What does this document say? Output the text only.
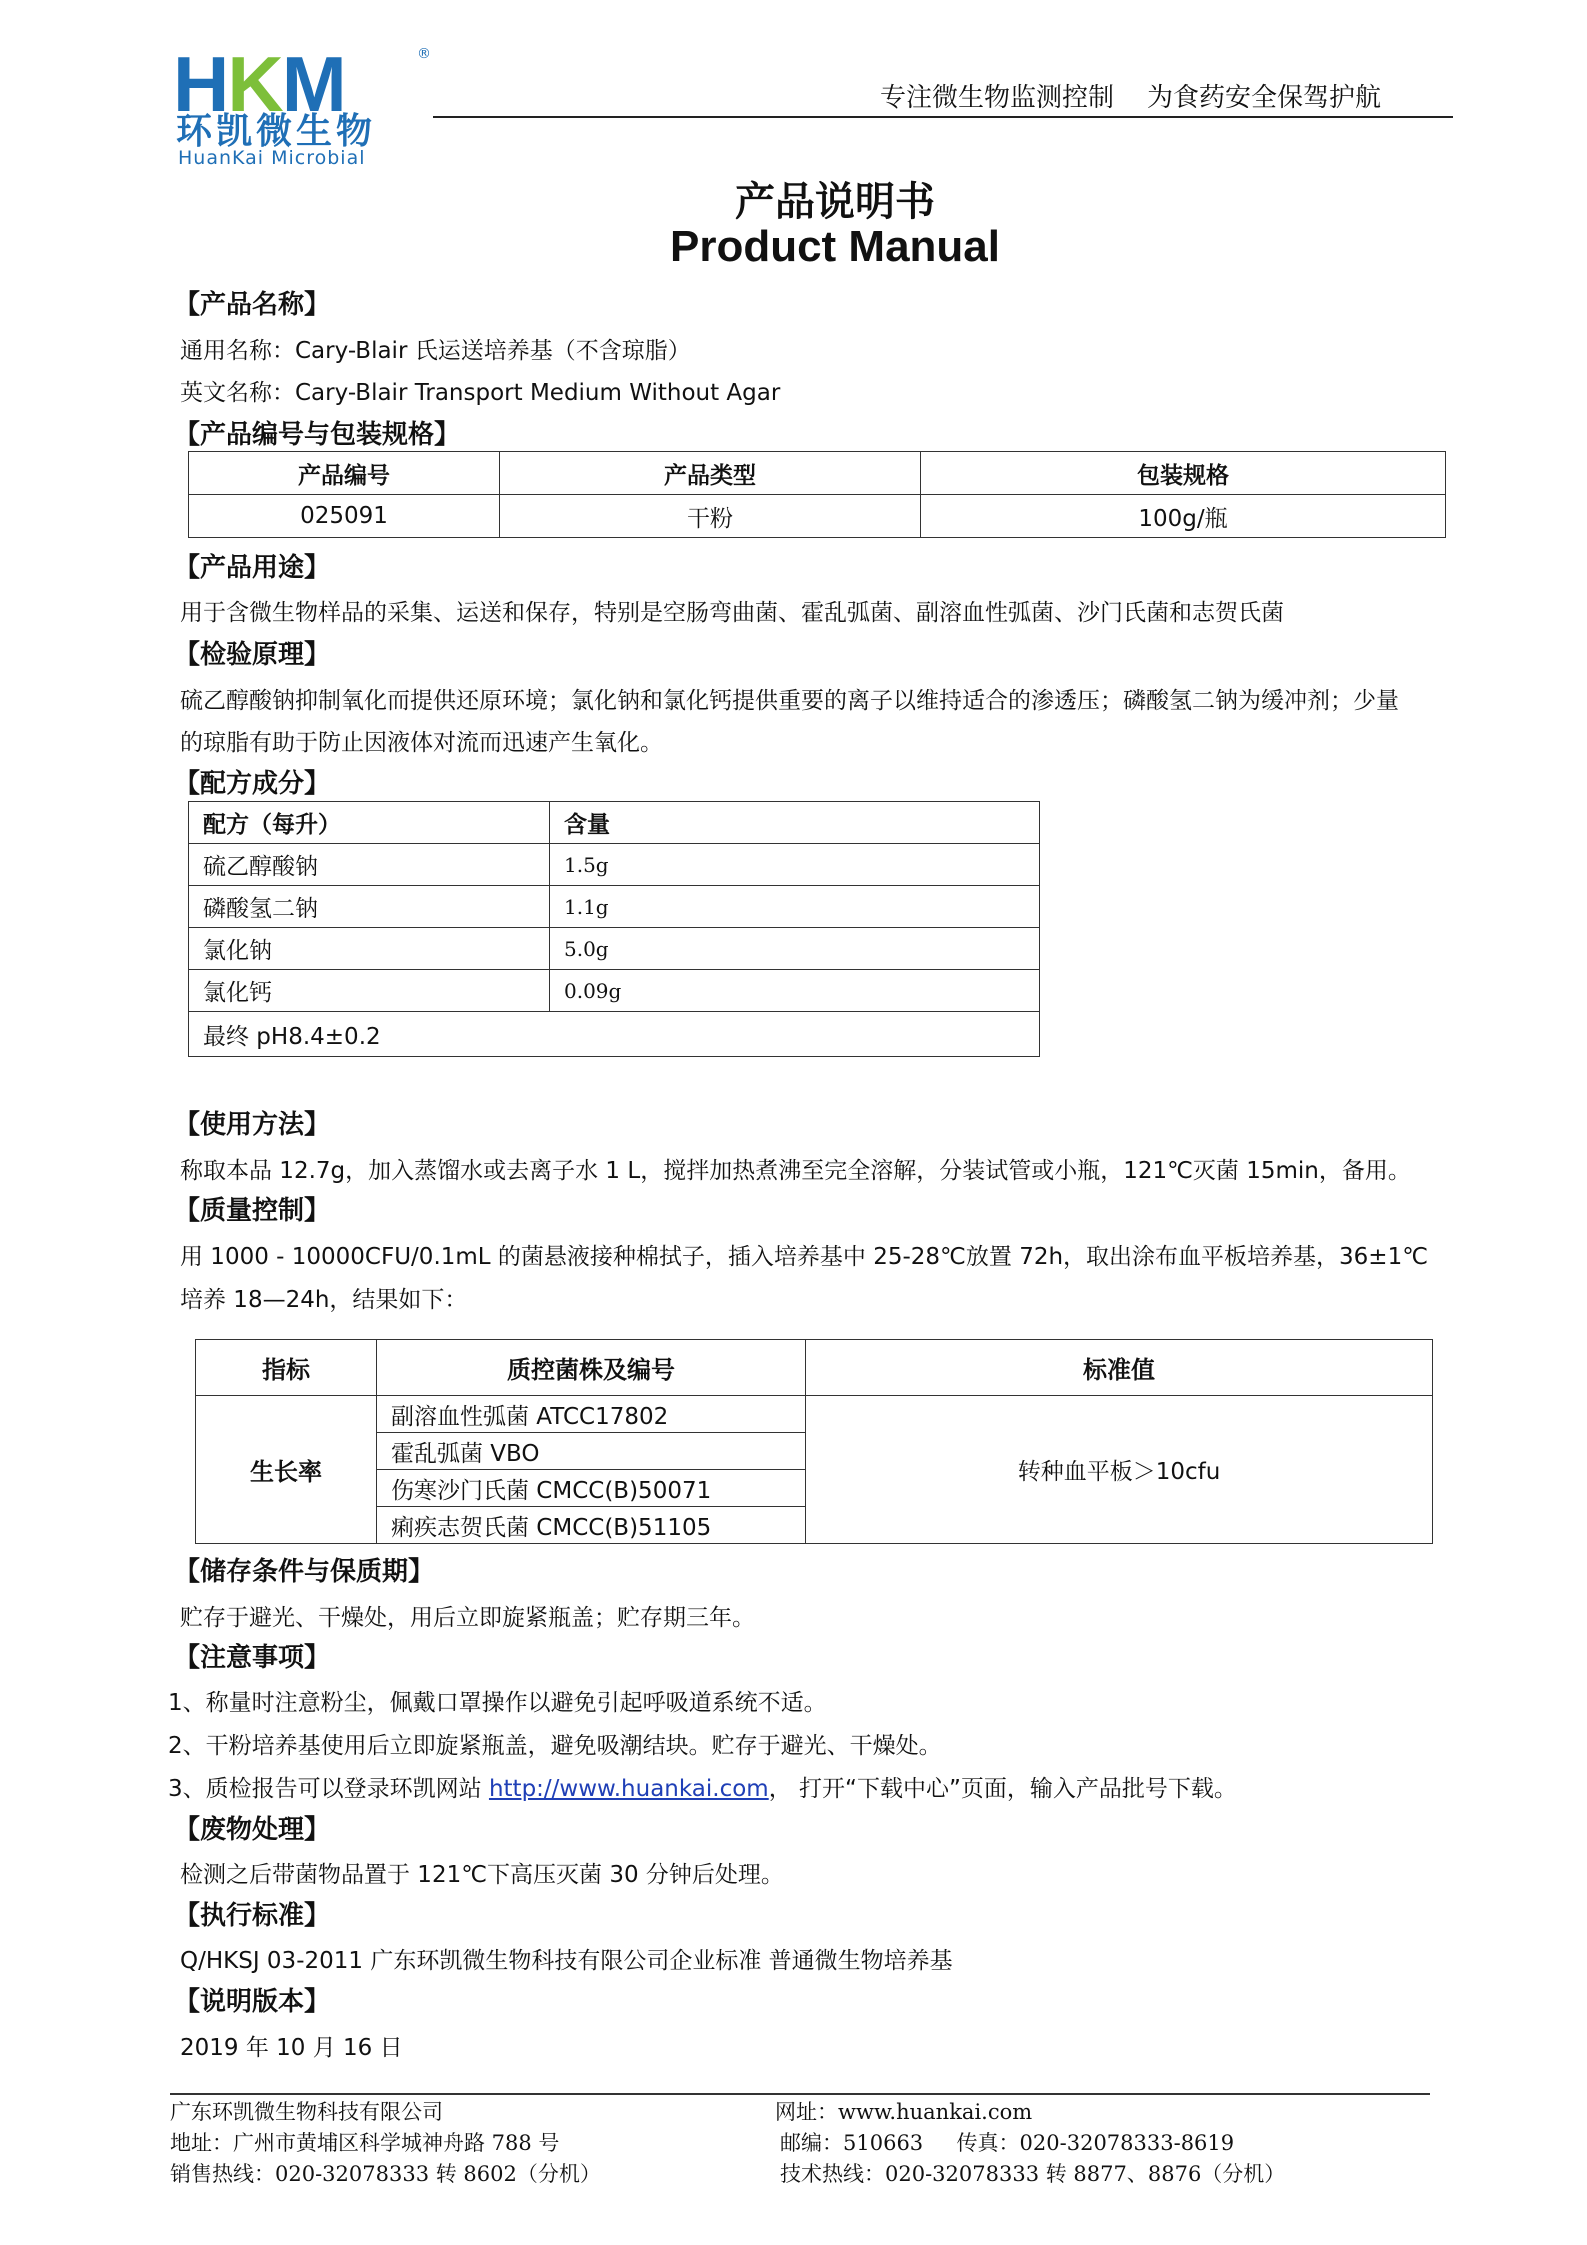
HKM	®
环凯微生物
HuanKai Microbial
专注微生物监测控制    为食药安全保驾护航
产品说明书
Product Manual
【产品名称】
通用名称：Cary-Blair 氏运送培养基（不含琼脂）
英文名称：Cary-Blair Transport Medium Without Agar
【产品编号与包装规格】
产品编号	产品类型	包装规格
025091	干粉	100g/瓶
【产品用途】
用于含微生物样品的采集、运送和保存，特别是空肠弯曲菌、霍乱弧菌、副溶血性弧菌、沙门氏菌和志贺氏菌
【检验原理】
硫乙醇酸钠抑制氧化而提供还原环境；氯化钠和氯化钙提供重要的离子以维持适合的渗透压；磷酸氢二钠为缓冲剂；少量
的琼脂有助于防止因液体对流而迅速产生氧化。
【配方成分】
配方（每升）	含量
硫乙醇酸钠	1.5g
磷酸氢二钠	1.1g
氯化钠	5.0g
氯化钙	0.09g
最终 pH8.4±0.2	
【使用方法】
称取本品 12.7g，加入蒸馏水或去离子水 1 L，搅拌加热煮沸至完全溶解，分装试管或小瓶，121℃灭菌 15min，备用。
【质量控制】
用 1000 - 10000CFU/0.1mL 的菌悬液接种棉拭子，插入培养基中 25-28℃放置 72h，取出涂布血平板培养基，36±1℃
培养 18—24h，结果如下：
指标	质控菌株及编号	标准值
生长率	副溶血性弧菌 ATCC17802	转种血平板＞10cfu
	霍乱弧菌 VBO	
	伤寒沙门氏菌 CMCC(B)50071	
	痢疾志贺氏菌 CMCC(B)51105	
【储存条件与保质期】
贮存于避光、干燥处，用后立即旋紧瓶盖；贮存期三年。
【注意事项】
1、称量时注意粉尘，佩戴口罩操作以避免引起呼吸道系统不适。
2、干粉培养基使用后立即旋紧瓶盖，避免吸潮结块。贮存于避光、干燥处。
3、质检报告可以登录环凯网站 http://www.huankai.com， 打开“下载中心”页面，输入产品批号下载。
【废物处理】
检测之后带菌物品置于 121℃下高压灭菌 30 分钟后处理。
【执行标准】
Q/HKSJ 03-2011 广东环凯微生物科技有限公司企业标准 普通微生物培养基
【说明版本】
2019 年 10 月 16 日
广东环凯微生物科技有限公司	网址：www.huankai.com
地址：广州市黄埔区科学城神舟路 788 号	邮编：510663     传真：020-32078333-8619
销售热线：020-32078333 转 8602（分机）	技术热线：020-32078333 转 8877、8876（分机）
